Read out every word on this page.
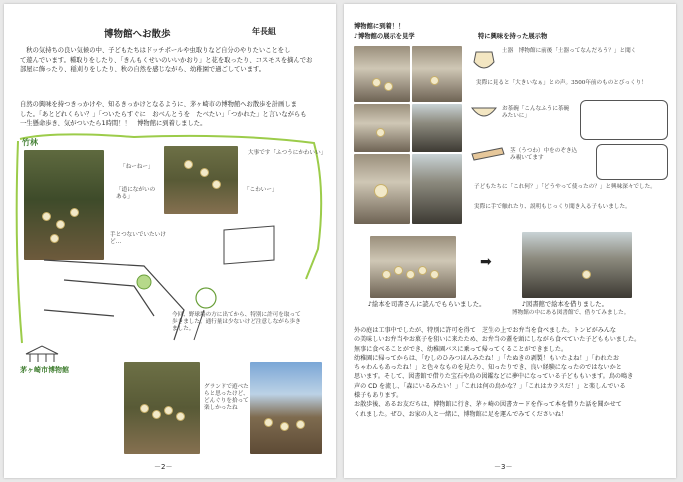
博物館へお散歩	年長組
　秋の気持ちの良い気候の中、子どもたちはドッチボールや虫取りなど自分のやりたいことをし
て遊んでいます。種取りをしたり、「きんもくせいのいいかおり」と花を取ったり、コスモスを摘んでお
部屋に飾ったり、稲刈りをしたり、秋の自然を感じながら、幼稚園で過ごしています。
自然の興味を持つきっかけや、知るきっかけとなるように、茅ヶ崎市の博物館へお散歩を計画しま
した。「あとどれくらい？」「ついたらすぐに　おべんとうを　たべたい」「つかれた」と言いながらも
一生懸命歩き、気がついたら1時間！！　博物館に到着しました。
竹林
「ねーねー」
「道にながいのある」
手とつないでいたいけど…
大事です「ふつうにかわいい」
「こわいー」
今回、野球場の方に出てから、特別に許可を取って歩きました。通行量は少ないけど注意しながら歩きました。
茅ヶ崎市博物館
グランドで遊べたらと思ったけど、どんぐりを拾って楽しかったね
－2－
博物館に到着！！
♪博物館の展示を見学	特に興味を持った展示物
土器　博物館に前後「土器ってなんだろう？」と聞く
実際に見ると「大きいなぁ」との声。3500年前のものとびっくり！
お茶碗「こんなふうに茶碗みたいに」
茎（うつわ）中をのぞき込み覗いてます
子どもたちに「これ何？」「どうやって使ったの？」と興味深々でした。
実際に手で触れたり、説明もじっくり聞き入る子もいました。
➡
♪絵本を司書さんに読んでもらいました。	♪図書館で絵本を借りました。
博物館の中にある図書館で、借りてみました。
外の庭は工事中でしたが、特別に許可を得て　芝生の上でお弁当を食べました。トンビがみんな
の美味しいお弁当やお菓子を狙いに来たため、お弁当の蓋を頭にしながら食べていた子どももいました。
無事に食べることができ、幼稚園バスに乗って帰ってくることができました。
幼稚園に帰ってからは、「むしのひみつほんみたね！」「たぬきの剥製！もいたよね！」「われたお
ちゃわんもあったね！」と色々なものを見たり、知ったりでき、良い経験になったのではないかと
思います。そして、図書館で借りた宝石や鳥の図鑑などに夢中になっている子どももいます。鳥の鳴き
声の CD を流し、「森にいるみたい！」「これは何の鳥かな？」「これはカラスだ！」と楽しんでいる
様子もあります。
お散歩後、あるお友だちは、博物館に行き、茅ヶ崎の図書カードを作って本を借りた話を聞かせて
くれました。ぜひ、お家の人と一緒に、博物館に足を運んでみてくださいね！
－3－
